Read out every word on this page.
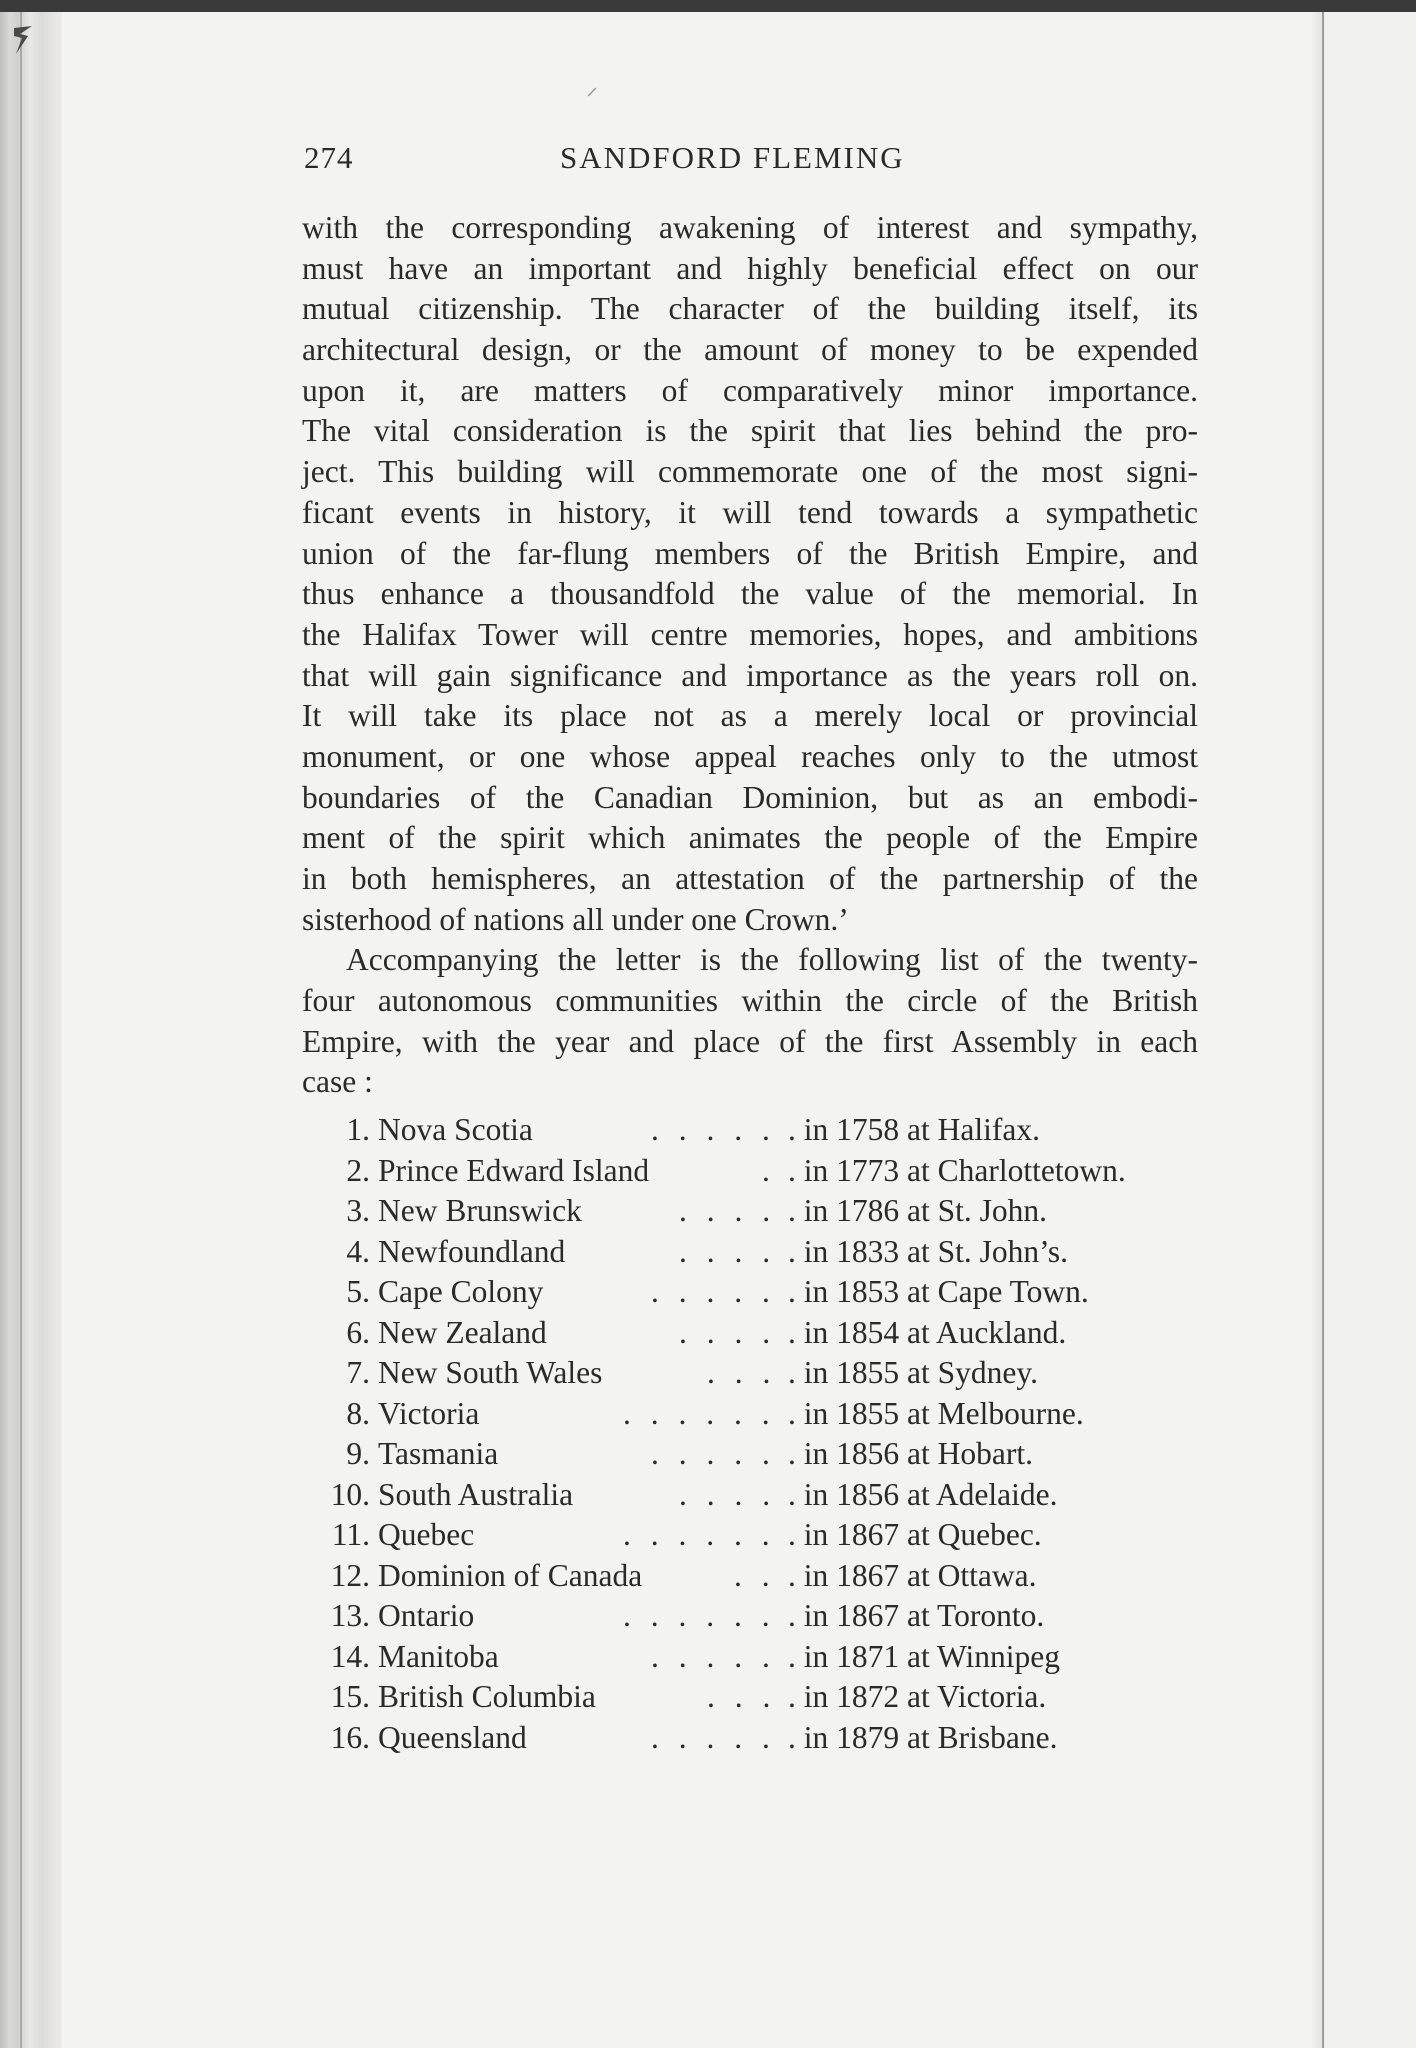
274	SANDFORD FLEMING
with the corresponding awakening of interest and sympathy,
must have an important and highly beneficial effect on our
mutual citizenship. The character of the building itself, its
architectural design, or the amount of money to be expended
upon it, are matters of comparatively minor importance.
The vital consideration is the spirit that lies behind the pro-
ject. This building will commemorate one of the most signi-
ficant events in history, it will tend towards a sympathetic
union of the far-flung members of the British Empire, and
thus enhance a thousandfold the value of the memorial. In
the Halifax Tower will centre memories, hopes, and ambitions
that will gain significance and importance as the years roll on.
It will take its place not as a merely local or provincial
monument, or one whose appeal reaches only to the utmost
boundaries of the Canadian Dominion, but as an embodi-
ment of the spirit which animates the people of the Empire
in both hemispheres, an attestation of the partnership of the
sisterhood of nations all under one Crown.’
Accompanying the letter is the following list of the twenty-
four autonomous communities within the circle of the British
Empire, with the year and place of the first Assembly in each
case :
1. Nova Scotia	. . . . . . in 1758 at Halifax.
2. Prince Edward Island	. . in 1773 at Charlottetown.
3. New Brunswick	. . . . . in 1786 at St. John.
4. Newfoundland	. . . . . in 1833 at St. John’s.
5. Cape Colony	. . . . . . in 1853 at Cape Town.
6. New Zealand	. . . . . in 1854 at Auckland.
7. New South Wales	. . . . in 1855 at Sydney.
8. Victoria	. . . . . . . in 1855 at Melbourne.
9. Tasmania	. . . . . . in 1856 at Hobart.
10. South Australia	. . . . . in 1856 at Adelaide.
11. Quebec	. . . . . . . in 1867 at Quebec.
12. Dominion of Canada	. . . in 1867 at Ottawa.
13. Ontario	. . . . . . . in 1867 at Toronto.
14. Manitoba	. . . . . . in 1871 at Winnipeg
15. British Columbia	. . . . in 1872 at Victoria.
16. Queensland	. . . . . . in 1879 at Brisbane.
